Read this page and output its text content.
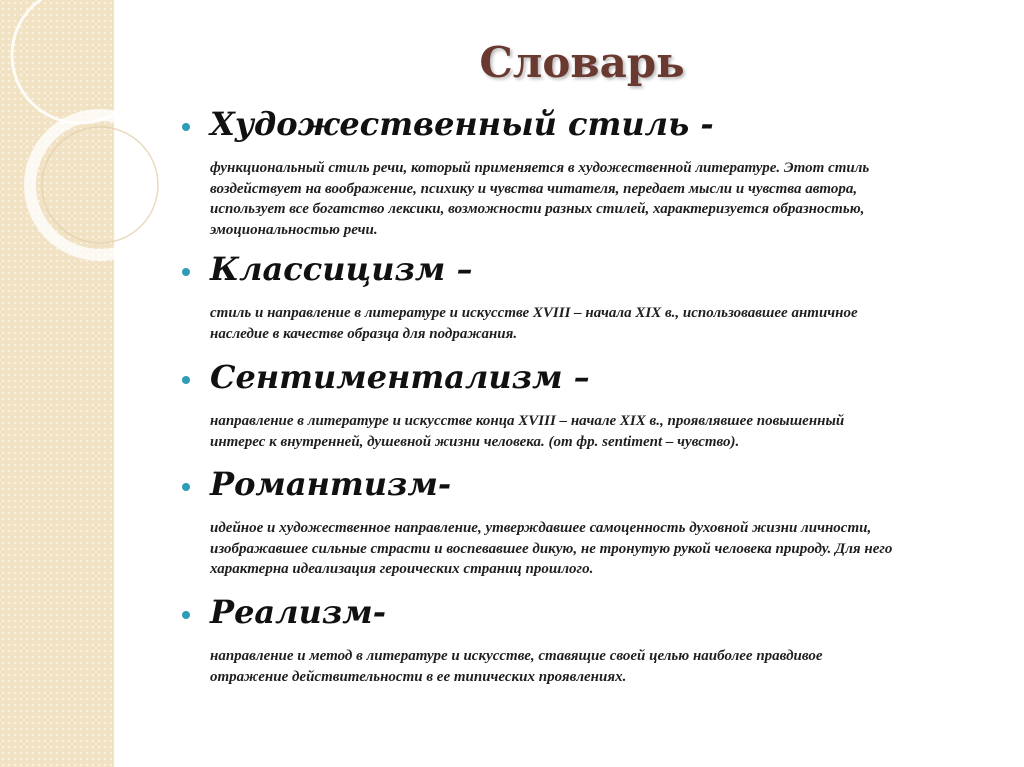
Словарь
Художественный стиль -
функциональный стиль речи, который применяется в художественной литературе. Этот стиль
воздействует на воображение, психику и чувства читателя, передает мысли и чувства автора,
использует все богатство лексики, возможности разных стилей, характеризуется образностью,
эмоциональностью речи.
Классицизм –
стиль и направление в литературе и искусстве XVIII – начала XIX в., использовавшее античное
наследие в качестве образца для подражания.
Сентиментализм –
направление в литературе и искусстве конца XVIII – начале XIX в., проявлявшее повышенный
интерес к внутренней, душевной жизни человека. (от фр. sentiment – чувство).
Романтизм-
идейное и художественное направление, утверждавшее самоценность духовной жизни личности,
изображавшее сильные страсти и воспевавшее дикую, не тронутую рукой человека природу. Для него
характерна идеализация героических страниц прошлого.
Реализм-
направление и метод в литературе и искусстве, ставящие своей целью наиболее правдивое
отражение действительности в ее типических проявлениях.
